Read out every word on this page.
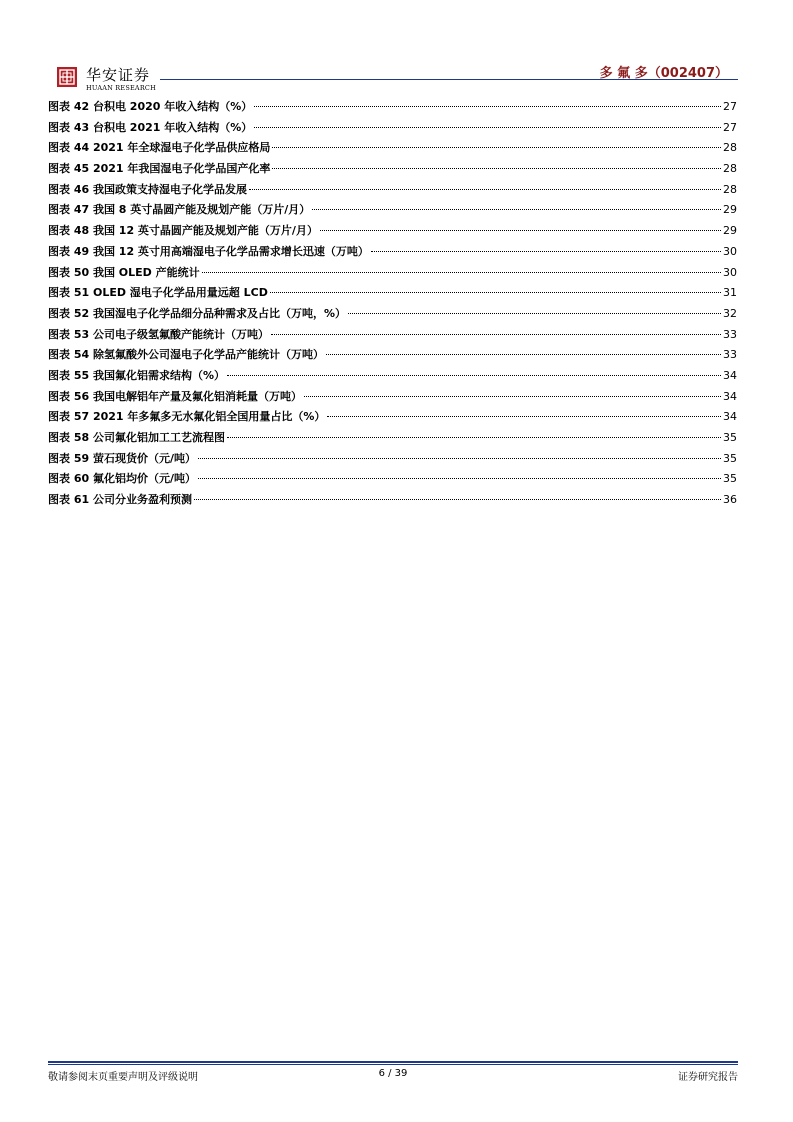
华安证券
HUAAN RESEARCH
多 氟 多（002407）
图表 42 台积电 2020 年收入结构（%）	27
图表 43 台积电 2021 年收入结构（%）	27
图表 44 2021 年全球湿电子化学品供应格局	28
图表 45 2021 年我国湿电子化学品国产化率	28
图表 46 我国政策支持湿电子化学品发展	28
图表 47 我国 8 英寸晶圆产能及规划产能（万片/月）	29
图表 48 我国 12 英寸晶圆产能及规划产能（万片/月）	29
图表 49 我国 12 英寸用高端湿电子化学品需求增长迅速（万吨）	30
图表 50 我国 OLED 产能统计	30
图表 51 OLED 湿电子化学品用量远超 LCD	31
图表 52 我国湿电子化学品细分品种需求及占比（万吨，%）	32
图表 53 公司电子级氢氟酸产能统计（万吨）	33
图表 54 除氢氟酸外公司湿电子化学品产能统计（万吨）	33
图表 55 我国氟化铝需求结构（%）	34
图表 56 我国电解铝年产量及氟化铝消耗量（万吨）	34
图表 57 2021 年多氟多无水氟化铝全国用量占比（%）	34
图表 58 公司氟化铝加工工艺流程图	35
图表 59 萤石现货价（元/吨）	35
图表 60 氟化铝均价（元/吨）	35
图表 61 公司分业务盈利预测	36
敬请参阅末页重要声明及评级说明	6 / 39	证券研究报告
